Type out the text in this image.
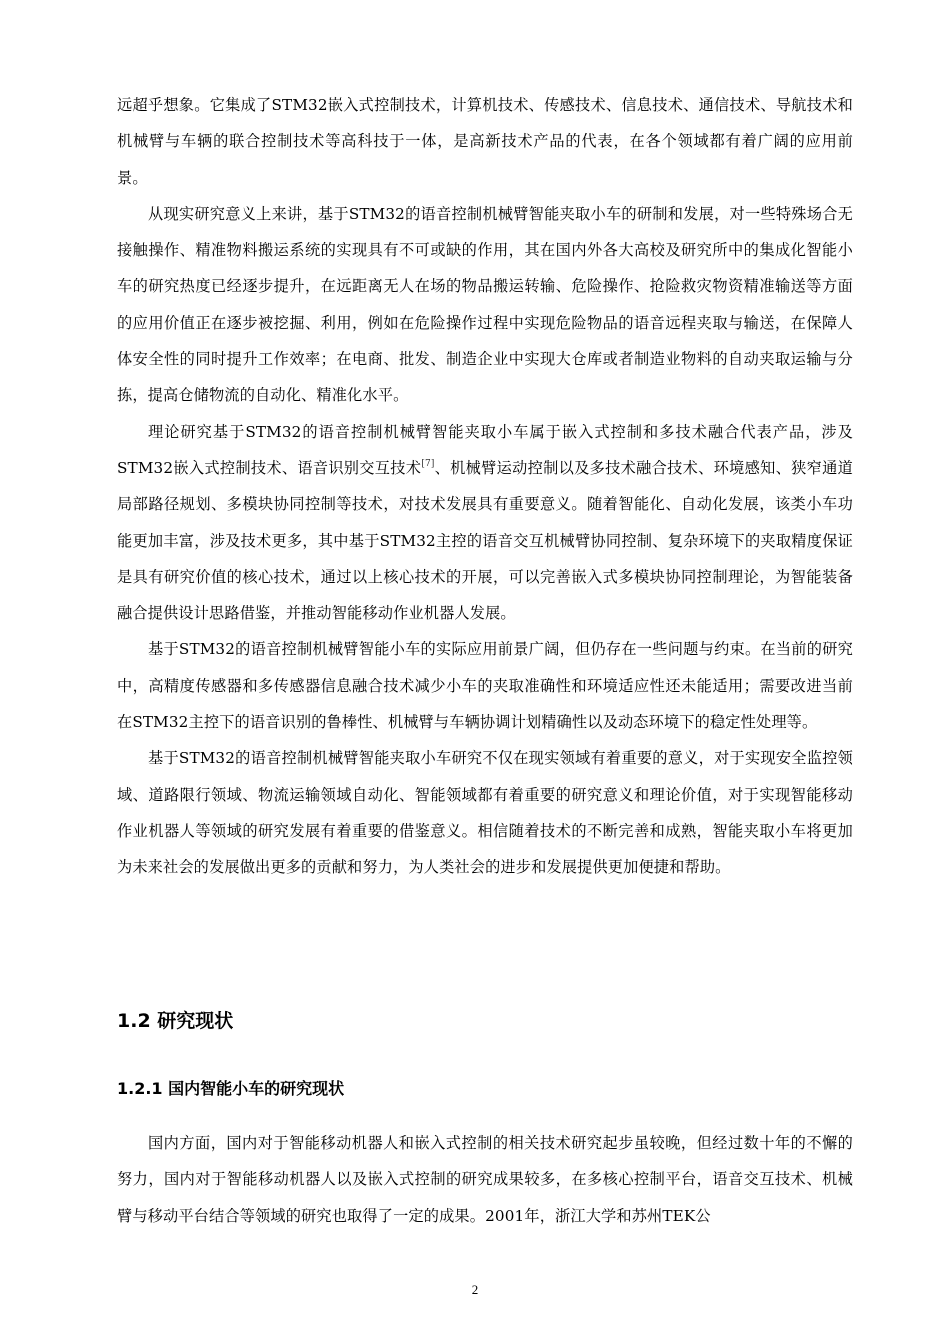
远超乎想象。它集成了STM32嵌入式控制技术，计算机技术、传感技术、信息技术、通信技术、导航技术和机械臂与车辆的联合控制技术等高科技于一体，是高新技术产品的代表，在各个领域都有着广阔的应用前景。

从现实研究意义上来讲，基于STM32的语音控制机械臂智能夹取小车的研制和发展，对一些特殊场合无接触操作、精准物料搬运系统的实现具有不可或缺的作用，其在国内外各大高校及研究所中的集成化智能小车的研究热度已经逐步提升，在远距离无人在场的物品搬运转输、危险操作、抢险救灾物资精准输送等方面的应用价值正在逐步被挖掘、利用，例如在危险操作过程中实现危险物品的语音远程夹取与输送，在保障人体安全性的同时提升工作效率；在电商、批发、制造企业中实现大仓库或者制造业物料的自动夹取运输与分拣，提高仓储物流的自动化、精准化水平。

理论研究基于STM32的语音控制机械臂智能夹取小车属于嵌入式控制和多技术融合代表产品，涉及STM32嵌入式控制技术、语音识别交互技术[7]、机械臂运动控制以及多技术融合技术、环境感知、狭窄通道局部路径规划、多模块协同控制等技术，对技术发展具有重要意义。随着智能化、自动化发展，该类小车功能更加丰富，涉及技术更多，其中基于STM32主控的语音交互机械臂协同控制、复杂环境下的夹取精度保证是具有研究价值的核心技术，通过以上核心技术的开展，可以完善嵌入式多模块协同控制理论，为智能装备融合提供设计思路借鉴，并推动智能移动作业机器人发展。

基于STM32的语音控制机械臂智能小车的实际应用前景广阔，但仍存在一些问题与约束。在当前的研究中，高精度传感器和多传感器信息融合技术减少小车的夹取准确性和环境适应性还未能适用；需要改进当前在STM32主控下的语音识别的鲁棒性、机械臂与车辆协调计划精确性以及动态环境下的稳定性处理等。

基于STM32的语音控制机械臂智能夹取小车研究不仅在现实领域有着重要的意义，对于实现安全监控领域、道路限行领域、物流运输领域自动化、智能领域都有着重要的研究意义和理论价值，对于实现智能移动作业机器人等领域的研究发展有着重要的借鉴意义。相信随着技术的不断完善和成熟，智能夹取小车将更加为未来社会的发展做出更多的贡献和努力，为人类社会的进步和发展提供更加便捷和帮助。

1.2 研究现状
1.2.1 国内智能小车的研究现状

国内方面，国内对于智能移动机器人和嵌入式控制的相关技术研究起步虽较晚，但经过数十年的不懈的努力，国内对于智能移动机器人以及嵌入式控制的研究成果较多，在多核心控制平台，语音交互技术、机械臂与移动平台结合等领域的研究也取得了一定的成果。2001年，浙江大学和苏州TEK公

2
